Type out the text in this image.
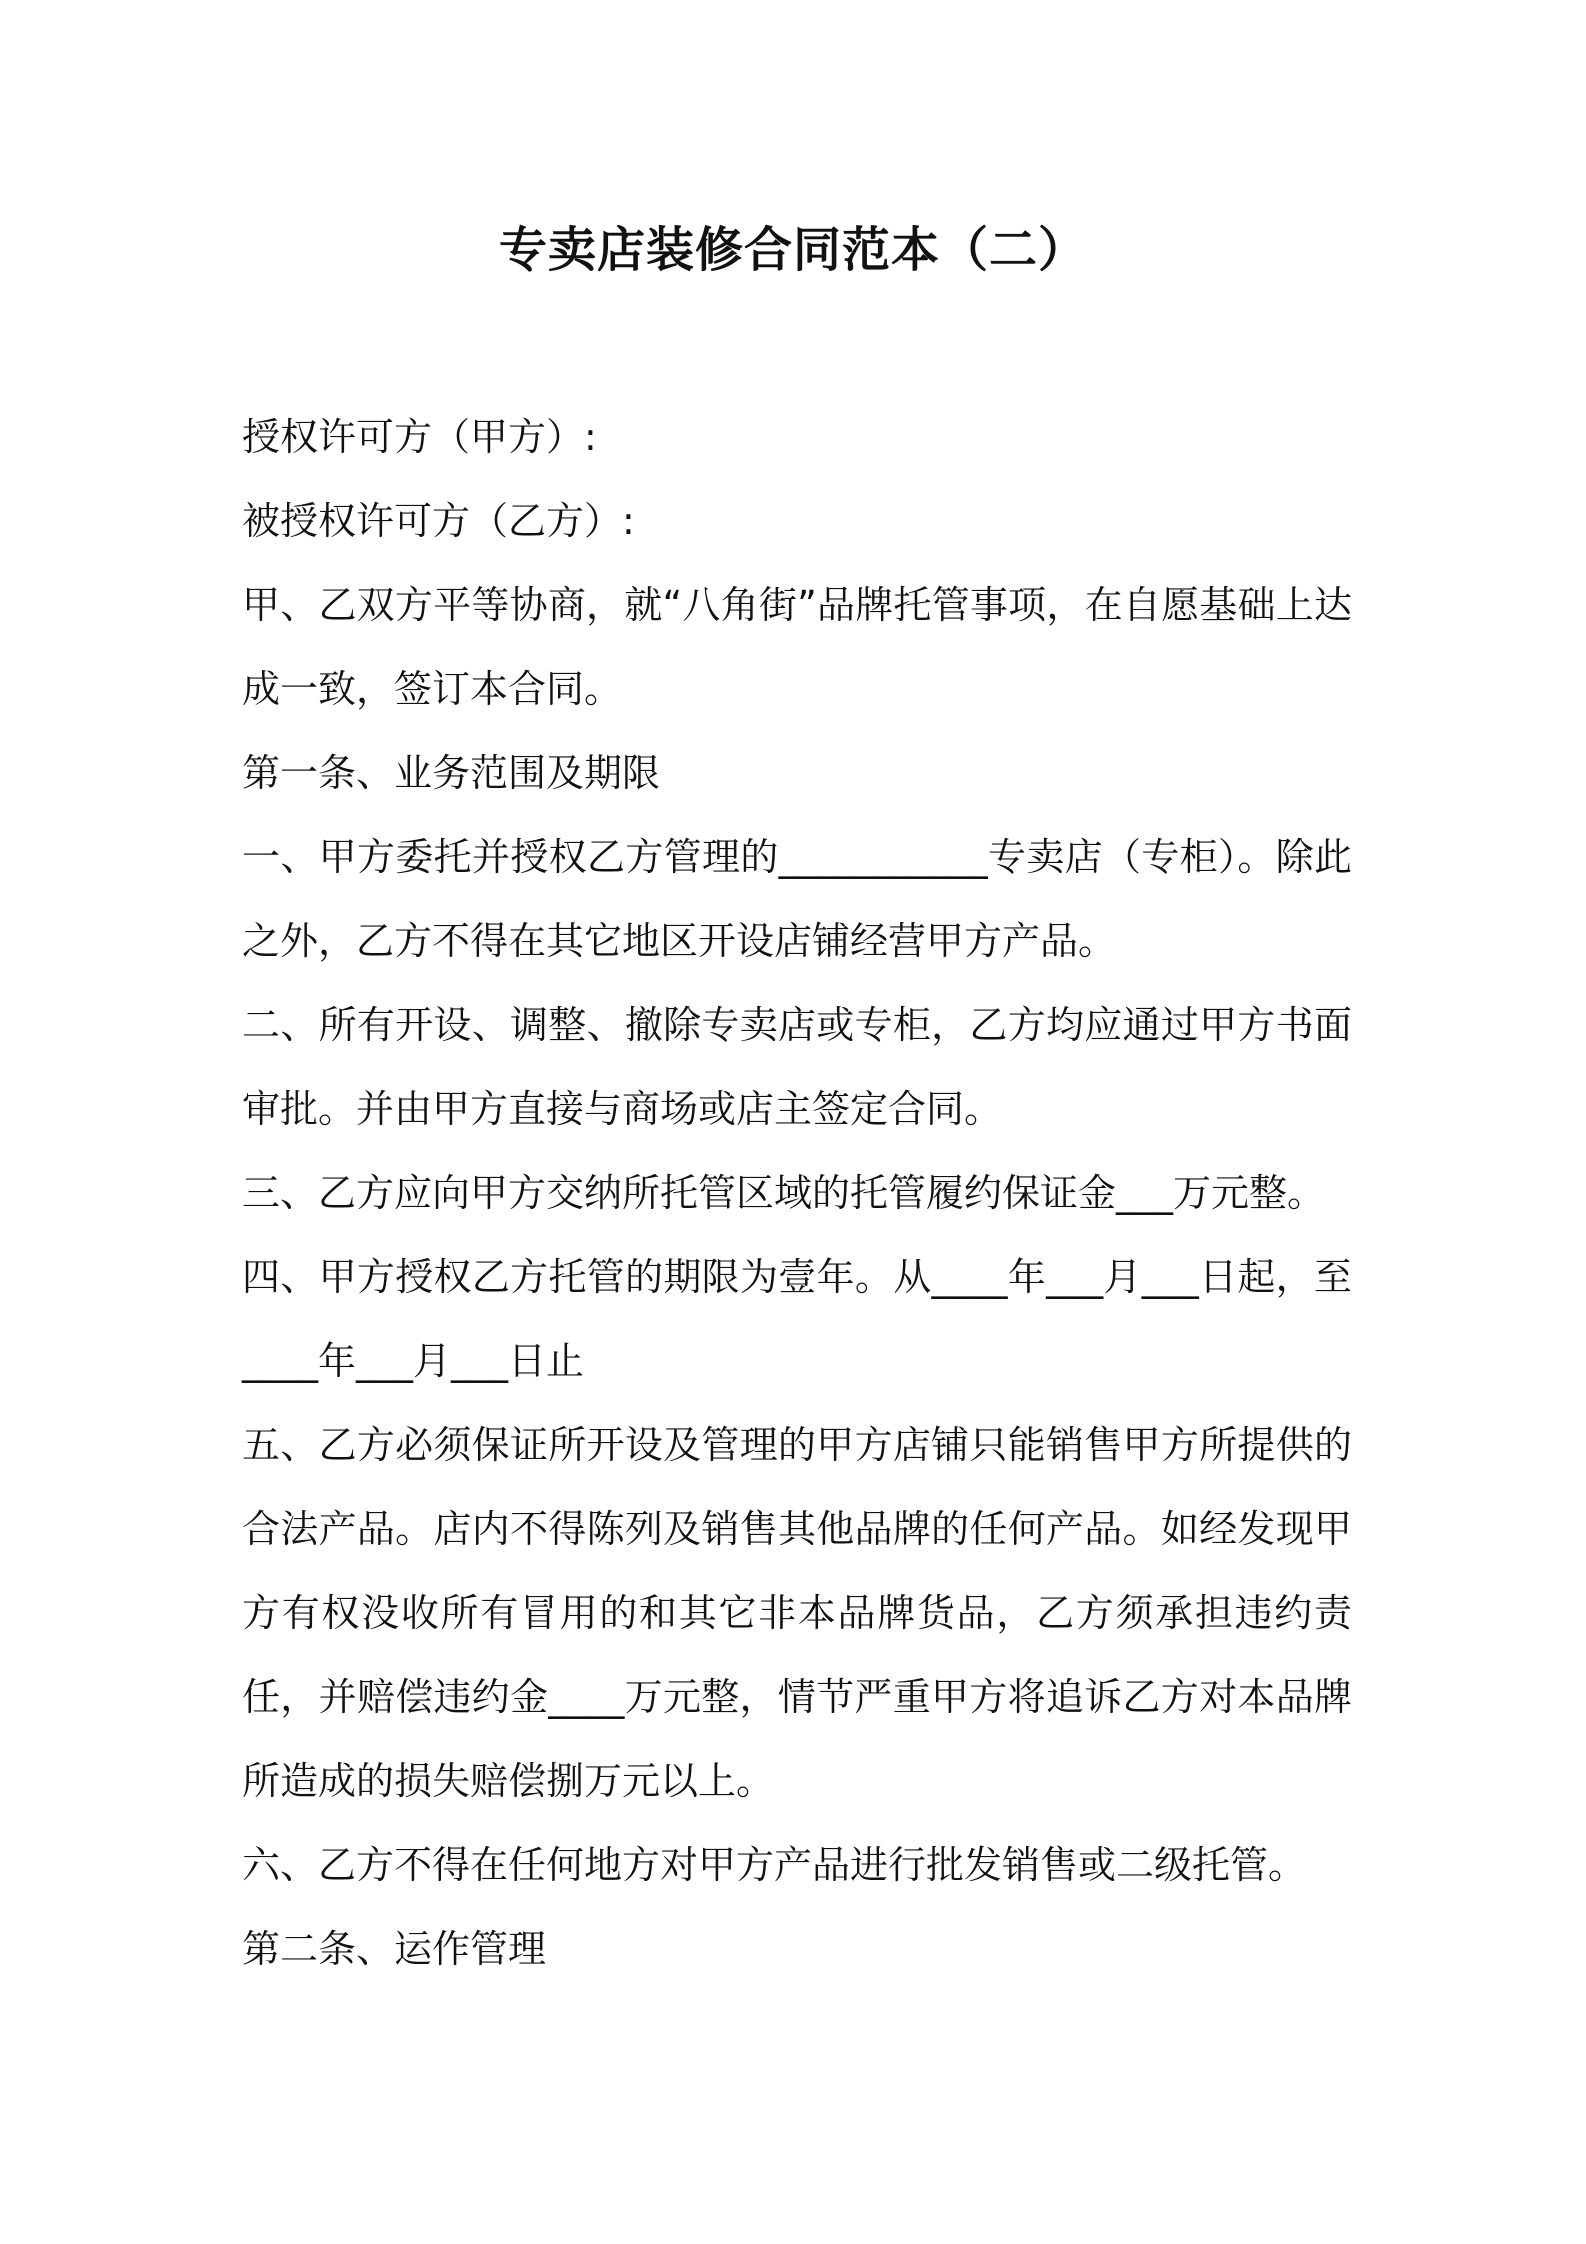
专卖店装修合同范本（二）

授权许可方（甲方）:

被授权许可方（乙方）:

甲、乙双方平等协商，就“八角街”品牌托管事项，在自愿基础上达成一致，签订本合同。

第一条、业务范围及期限

一、甲方委托并授权乙方管理的___________专卖店（专柜）。除此之外，乙方不得在其它地区开设店铺经营甲方产品。

二、所有开设、调整、撤除专卖店或专柜，乙方均应通过甲方书面审批。并由甲方直接与商场或店主签定合同。

三、乙方应向甲方交纳所托管区域的托管履约保证金___万元整。

四、甲方授权乙方托管的期限为壹年。从____年___月___日起，至____年___月___日止

五、乙方必须保证所开设及管理的甲方店铺只能销售甲方所提供的合法产品。店内不得陈列及销售其他品牌的任何产品。如经发现甲方有权没收所有冒用的和其它非本品牌货品，乙方须承担违约责任，并赔偿违约金____万元整，情节严重甲方将追诉乙方对本品牌所造成的损失赔偿捌万元以上。

六、乙方不得在任何地方对甲方产品进行批发销售或二级托管。

第二条、运作管理
